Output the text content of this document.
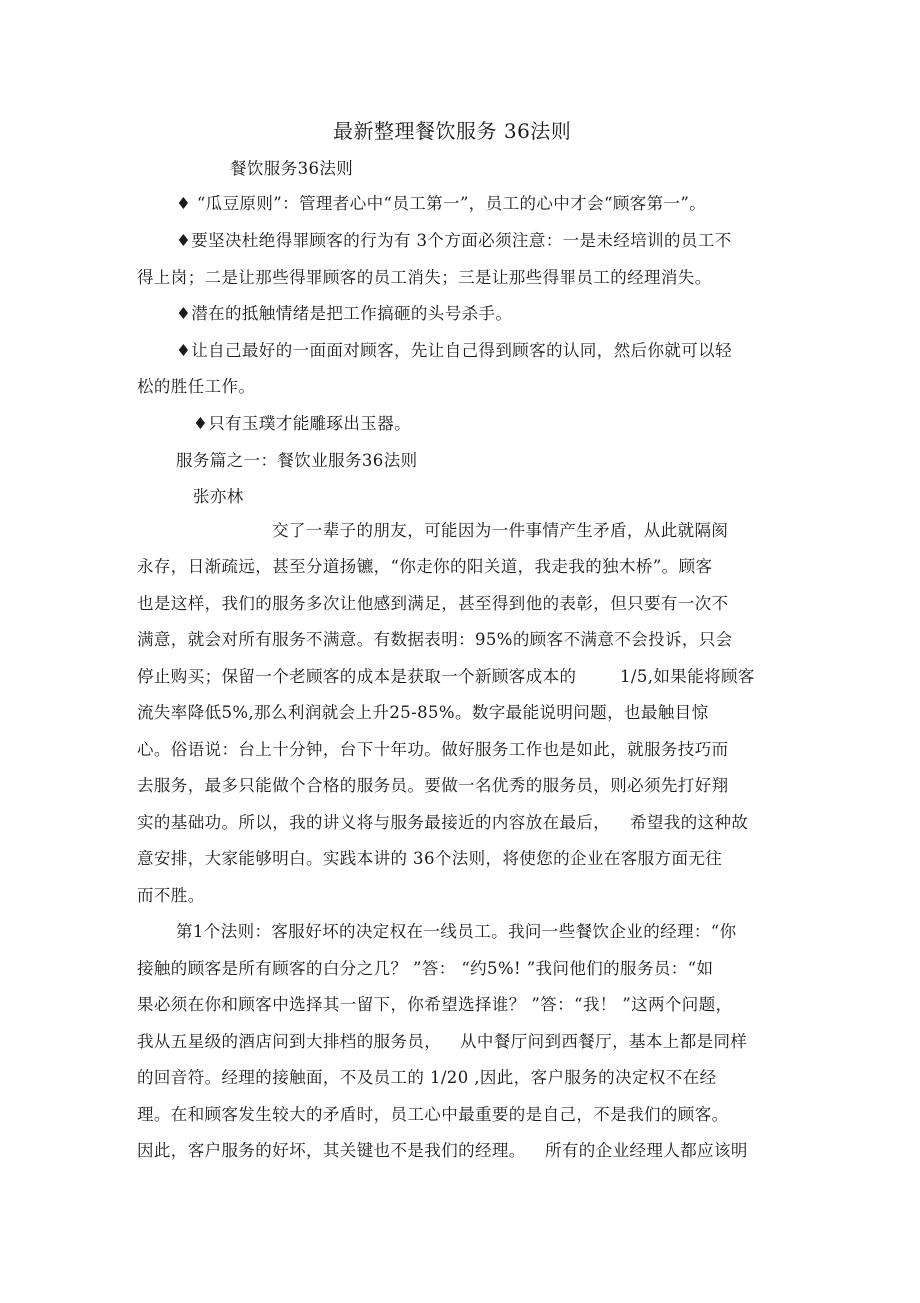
最新整理餐饮服务 36法则
餐饮服务36法则
♦ “瓜豆原则”：管理者心中“员工第一”，员工的心中才会“顾客第一”。
♦要坚决杜绝得罪顾客的行为有 3个方面必须注意：一是未经培训的员工不
得上岗；二是让那些得罪顾客的员工消失；三是让那些得罪员工的经理消失。
♦潜在的抵触情绪是把工作搞砸的头号杀手。
♦让自己最好的一面面对顾客，先让自己得到顾客的认同，然后你就可以轻
松的胜任工作。
♦只有玉璞才能雕琢出玉器。
服务篇之一：餐饮业服务36法则
张亦林
交了一辈子的朋友，可能因为一件事情产生矛盾，从此就隔阂
永存，日渐疏远，甚至分道扬镳，“你走你的阳关道，我走我的独木桥”。顾客
也是这样，我们的服务多次让他感到满足，甚至得到他的表彰，但只要有一次不
满意，就会对所有服务不满意。有数据表明：95%的顾客不满意不会投诉，只会
停止购买；保留一个老顾客的成本是获取一个新顾客成本的	1/5,如果能将顾客
流失率降低5%,那么利润就会上升25-85%。数字最能说明问题，也最触目惊
心。俗语说：台上十分钟，台下十年功。做好服务工作也是如此，就服务技巧而
去服务，最多只能做个合格的服务员。要做一名优秀的服务员，则必须先打好翔
实的基础功。所以，我的讲义将与服务最接近的内容放在最后， 希望我的这种故
意安排，大家能够明白。实践本讲的 36个法则，将使您的企业在客服方面无往
而不胜。
第1个法则：客服好坏的决定权在一线员工。我问一些餐饮企业的经理：“你
接触的顾客是所有顾客的白分之几？ ”答： “约5%! ”我问他们的服务员：“如
果必须在你和顾客中选择其一留下，你希望选择谁？ ”答：“我！ ”这两个问题，
我从五星级的酒店问到大排档的服务员， 从中餐厅问到西餐厅，基本上都是同样
的回音符。经理的接触面，不及员工的 1/20 ,因此，客户服务的决定权不在经
理。在和顾客发生较大的矛盾时，员工心中最重要的是自己，不是我们的顾客。
因此，客户服务的好坏，其关键也不是我们的经理。 所有的企业经理人都应该明
